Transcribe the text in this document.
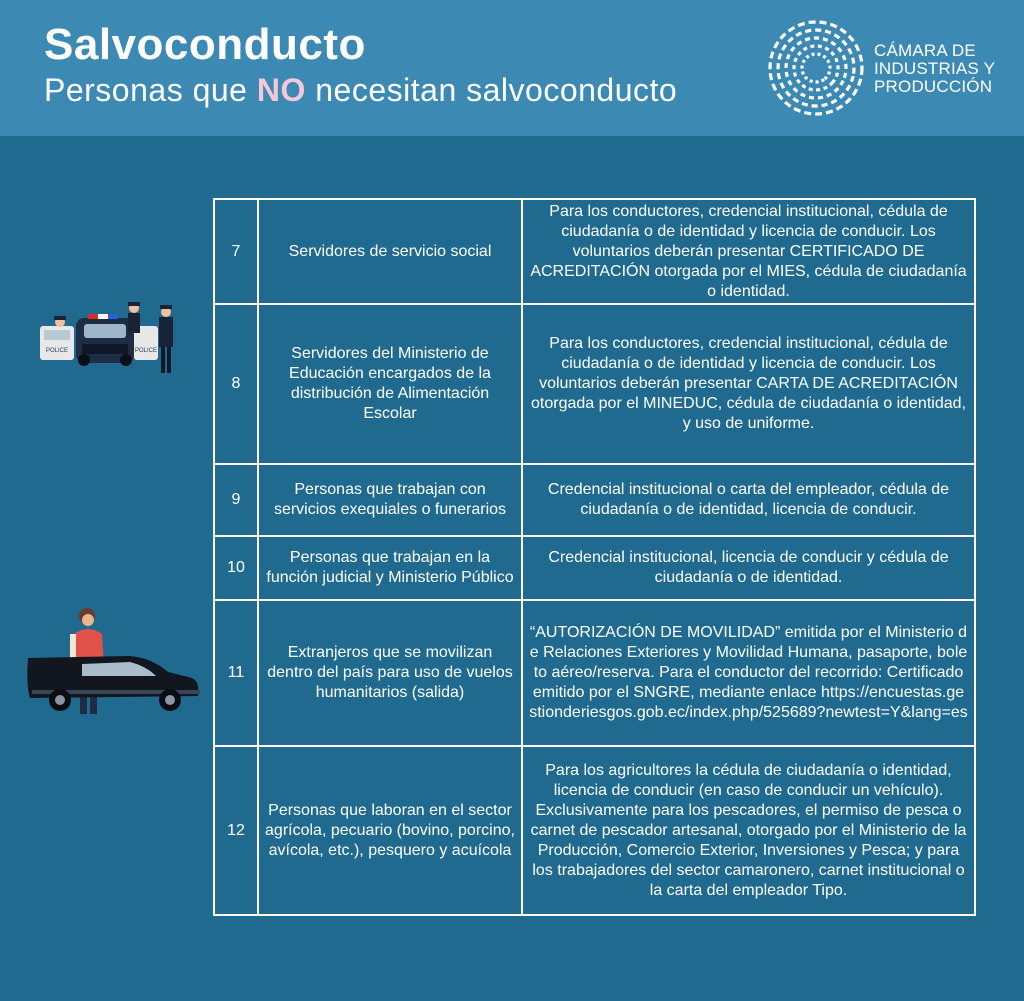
Salvoconducto
Personas que NO necesitan salvoconducto
CÁMARA DE
INDUSTRIAS Y
PRODUCCIÓN
POLICE	POLICE
7	Servidores de servicio social	Para los conductores, credencial institucional, cédula de ciudadanía o de identidad y licencia de conducir. Los voluntarios deberán presentar CERTIFICADO DE ACREDITACIÓN otorgada por el MIES, cédula de ciudadanía o identidad.
8	Servidores del Ministerio de Educación encargados de la distribución de Alimentación Escolar	Para los conductores, credencial institucional, cédula de ciudadanía o de identidad y licencia de conducir. Los voluntarios deberán presentar CARTA DE ACREDITACIÓN otorgada por el MINEDUC, cédula de ciudadanía o identidad, y uso de uniforme.
9	Personas que trabajan con servicios exequiales o funerarios	Credencial institucional o carta del empleador, cédula de ciudadanía o de identidad, licencia de conducir.
10	Personas que trabajan en la función judicial y Ministerio Público	Credencial institucional, licencia de conducir y cédula de ciudadanía o de identidad.
11	Extranjeros que se movilizan dentro del país para uso de vuelos humanitarios (salida)	“AUTORIZACIÓN DE MOVILIDAD” emitida por el Ministerio de Relaciones Exteriores y Movilidad Humana, pasaporte, boleto aéreo/reserva. Para el conductor del recorrido: Certificado emitido por el SNGRE, mediante enlace https://encuestas.gestionderiesgos.gob.ec/index.php/525689?newtest=Y&lang=es
12	Personas que laboran en el sector agrícola, pecuario (bovino, porcino, avícola, etc.), pesquero y acuícola	Para los agricultores la cédula de ciudadanía o identidad, licencia de conducir (en caso de conducir un vehículo). Exclusivamente para los pescadores, el permiso de pesca o carnet de pescador artesanal, otorgado por el Ministerio de la Producción, Comercio Exterior, Inversiones y Pesca; y para los trabajadores del sector camaronero, carnet institucional o la carta del empleador Tipo.
